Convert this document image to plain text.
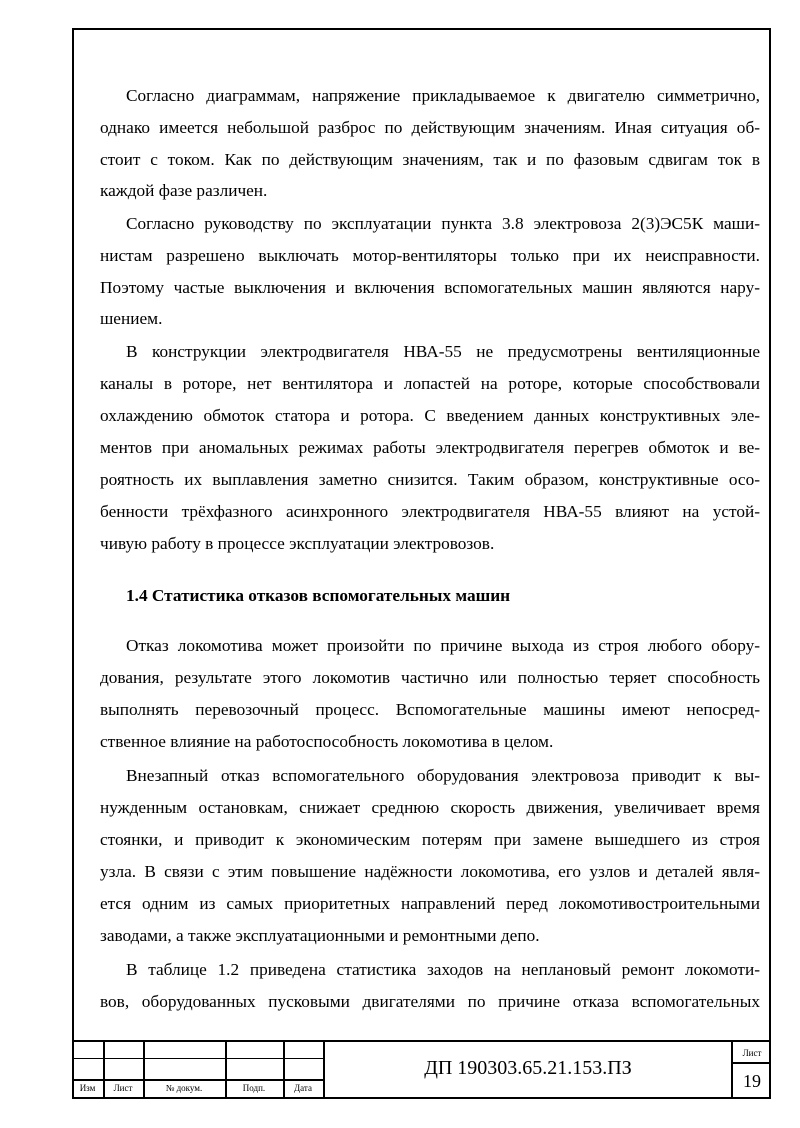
Согласно диаграммам, напряжение прикладываемое к двигателю симметрично,
однако имеется небольшой разброс по действующим значениям. Иная ситуация об-
стоит с током. Как по действующим значениям, так и по фазовым сдвигам ток в
каждой фазе различен.
Согласно руководству по эксплуатации пункта 3.8 электровоза 2(3)ЭС5К маши-
нистам разрешено выключать мотор-вентиляторы только при их неисправности.
Поэтому частые выключения и включения вспомогательных машин являются нару-
шением.
В конструкции электродвигателя НВА-55 не предусмотрены вентиляционные
каналы в роторе, нет вентилятора и лопастей на роторе, которые способствовали
охлаждению обмоток статора и ротора. С введением данных конструктивных эле-
ментов при аномальных режимах работы электродвигателя перегрев обмоток и ве-
роятность их выплавления заметно снизится. Таким образом, конструктивные осо-
бенности трёхфазного асинхронного электродвигателя НВА-55 влияют на устой-
чивую работу в процессе эксплуатации электровозов.
1.4 Статистика отказов вспомогательных машин
Отказ локомотива может произойти по причине выхода из строя любого обору-
дования, результате этого локомотив частично или полностью теряет способность
выполнять перевозочный процесс. Вспомогательные машины имеют непосред-
ственное влияние на работоспособность локомотива в целом.
Внезапный отказ вспомогательного оборудования электровоза приводит к вы-
нужденным остановкам, снижает среднюю скорость движения, увеличивает время
стоянки, и приводит к экономическим потерям при замене вышедшего из строя
узла. В связи с этим повышение надёжности локомотива, его узлов и деталей явля-
ется одним из самых приоритетных направлений перед локомотивостроительными
заводами, а также эксплуатационными и ремонтными депо.
В таблице 1.2 приведена статистика заходов на неплановый ремонт локомоти-
вов, оборудованных пусковыми двигателями по причине отказа вспомогательных
Изм	Лист	№ докум.	Подп.	Дата
ДП 190303.65.21.153.ПЗ
Лист
19
